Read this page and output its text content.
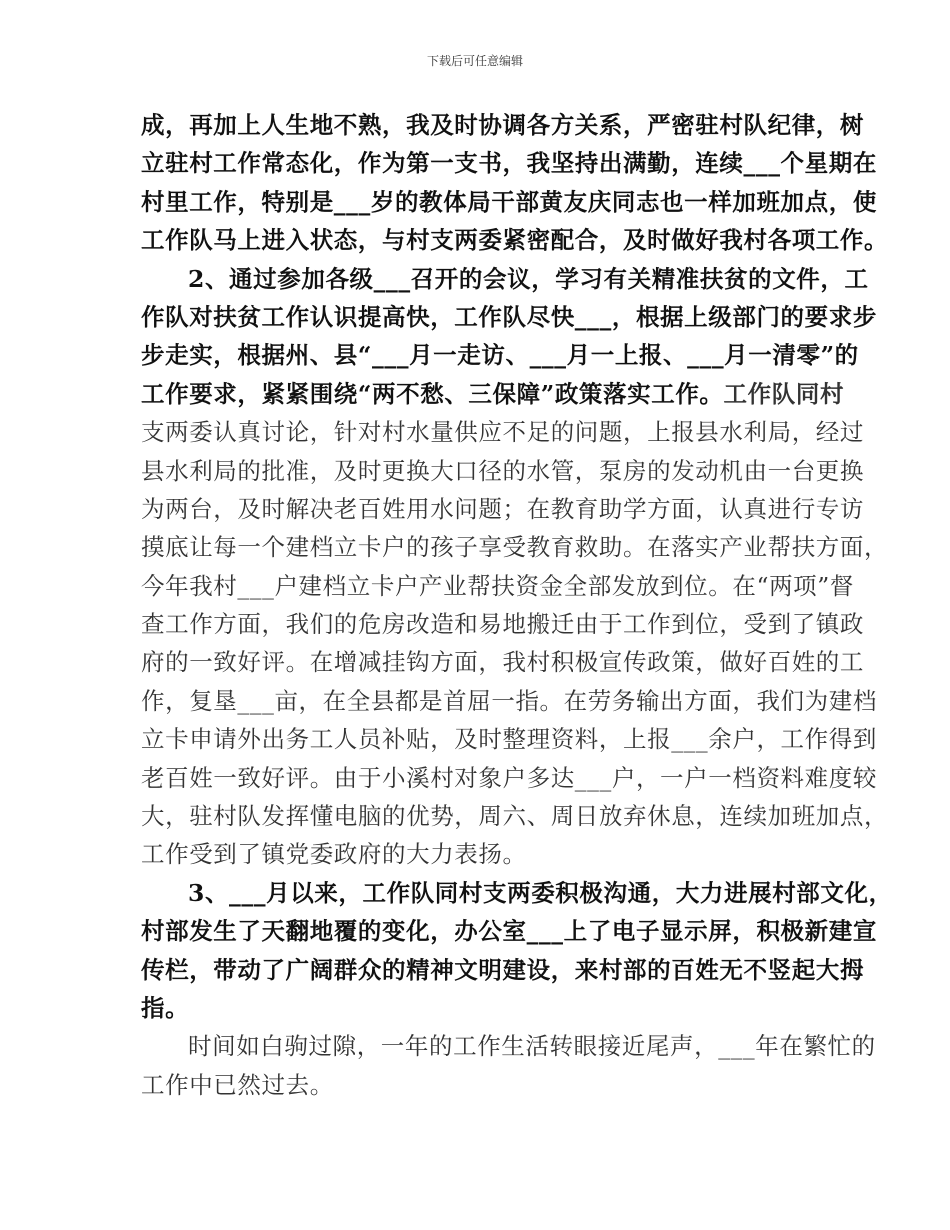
下载后可任意编辑
成，再加上人生地不熟，我及时协调各方关系，严密驻村队纪律，树
立驻村工作常态化，作为第一支书，我坚持出满勤，连续___个星期在
村里工作，特别是___岁的教体局干部黄友庆同志也一样加班加点，使
工作队马上进入状态，与村支两委紧密配合，及时做好我村各项工作。
2、通过参加各级___召开的会议，学习有关精准扶贫的文件，工
作队对扶贫工作认识提高快，工作队尽快___，根据上级部门的要求步
步走实，根据州、县“___月一走访、___月一上报、___月一清零”的
工作要求，紧紧围绕“两不愁、三保障”政策落实工作。工作队同村
支两委认真讨论，针对村水量供应不足的问题，上报县水利局，经过
县水利局的批准，及时更换大口径的水管，泵房的发动机由一台更换
为两台，及时解决老百姓用水问题；在教育助学方面，认真进行专访
摸底让每一个建档立卡户的孩子享受教育救助。在落实产业帮扶方面，
今年我村___户建档立卡户产业帮扶资金全部发放到位。在“两项”督
查工作方面，我们的危房改造和易地搬迁由于工作到位，受到了镇政
府的一致好评。在增减挂钩方面，我村积极宣传政策，做好百姓的工
作，复垦___亩，在全县都是首屈一指。在劳务输出方面，我们为建档
立卡申请外出务工人员补贴，及时整理资料，上报___余户，工作得到
老百姓一致好评。由于小溪村对象户多达___户，一户一档资料难度较
大，驻村队发挥懂电脑的优势，周六、周日放弃休息，连续加班加点，
工作受到了镇党委政府的大力表扬。
3、___月以来，工作队同村支两委积极沟通，大力进展村部文化，
村部发生了天翻地覆的变化，办公室___上了电子显示屏，积极新建宣
传栏，带动了广阔群众的精神文明建设，来村部的百姓无不竖起大拇
指。
时间如白驹过隙，一年的工作生活转眼接近尾声，___年在繁忙的
工作中已然过去。
